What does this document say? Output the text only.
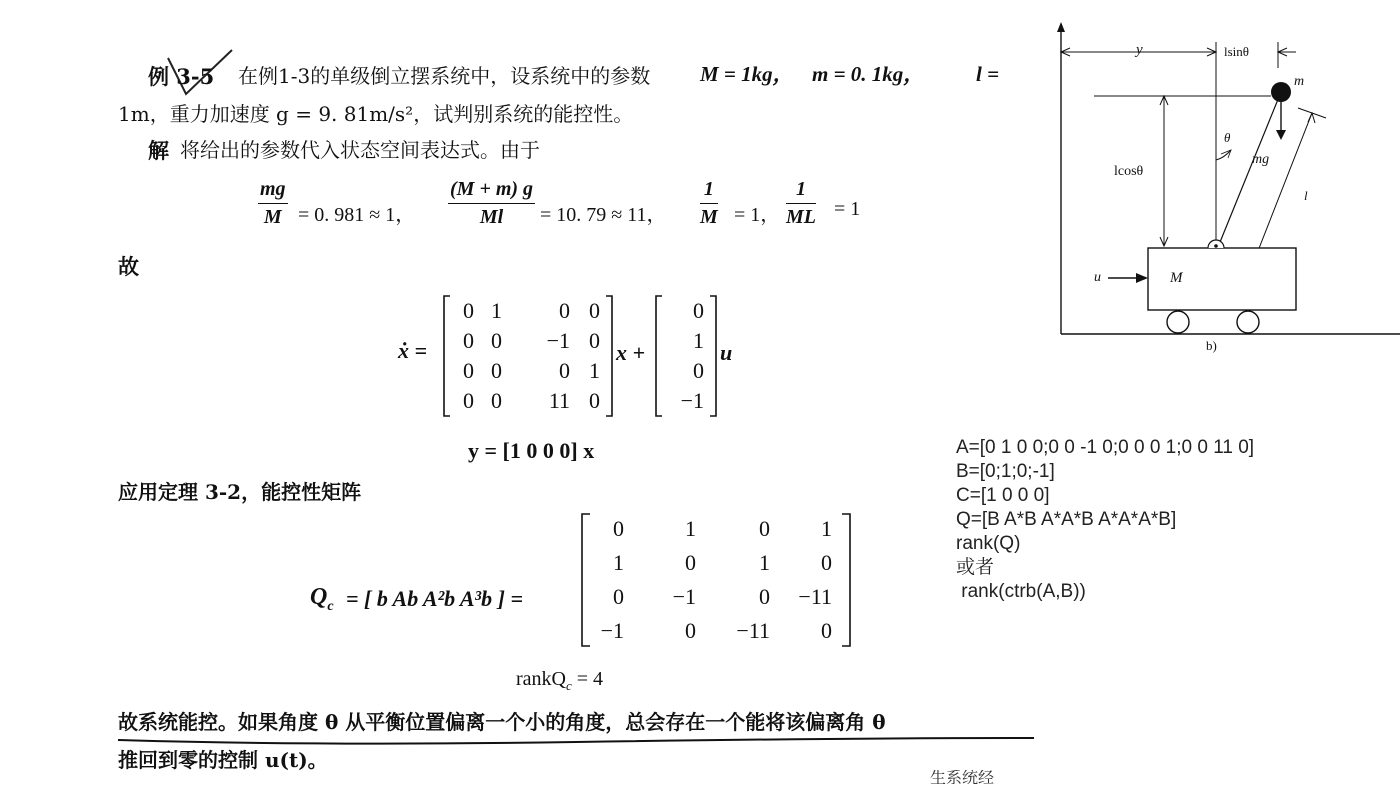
例 3-5 在例1-3的单级倒立摆系统中，设系统中的参数 M = 1kg， m = 0. 1kg， l =
1m，重力加速度 g = 9. 81m/s²，试判别系统的能控性。
解 将给出的参数代入状态空间表达式。由于
$\frac{mg}{M} = 0$. 981 ≈ 1， $\frac{(M + m) g}{Ml} = 10$. 79 ≈ 11， $\frac{1}{M} = 1$， $\frac{1}{ML} = 1$
故
ẋ =
0 1	0 0
0 0	−1 0
0 0	0 1
0 0	11 0
x +
0
1
0
−1
u
y = [1 0 0 0] x
应用定理 3-2，能控性矩阵
$Q_c$ = [ b Ab A²b A³b ] =
0	1	0	1
1	0	1	0
0	−1	0 −11
−1	0 −11	0
rankQ$_c$ = 4
故系统能控。如果角度 θ 从平衡位置偏离一个小的角度，总会存在一个能将该偏离角 θ
推回到零的控制 u(t)。
生系统经
y	lsinθ
m
θ
mg
lcosθ
l
u	M
b)
A=[0 1 0 0;0 0 -1 0;0 0 0 1;0 0 11 0]
B=[0;1;0;-1]
C=[1 0 0 0]
Q=[B A*B A*A*B A*A*A*B]
rank(Q)
或者
rank(ctrb(A,B))
